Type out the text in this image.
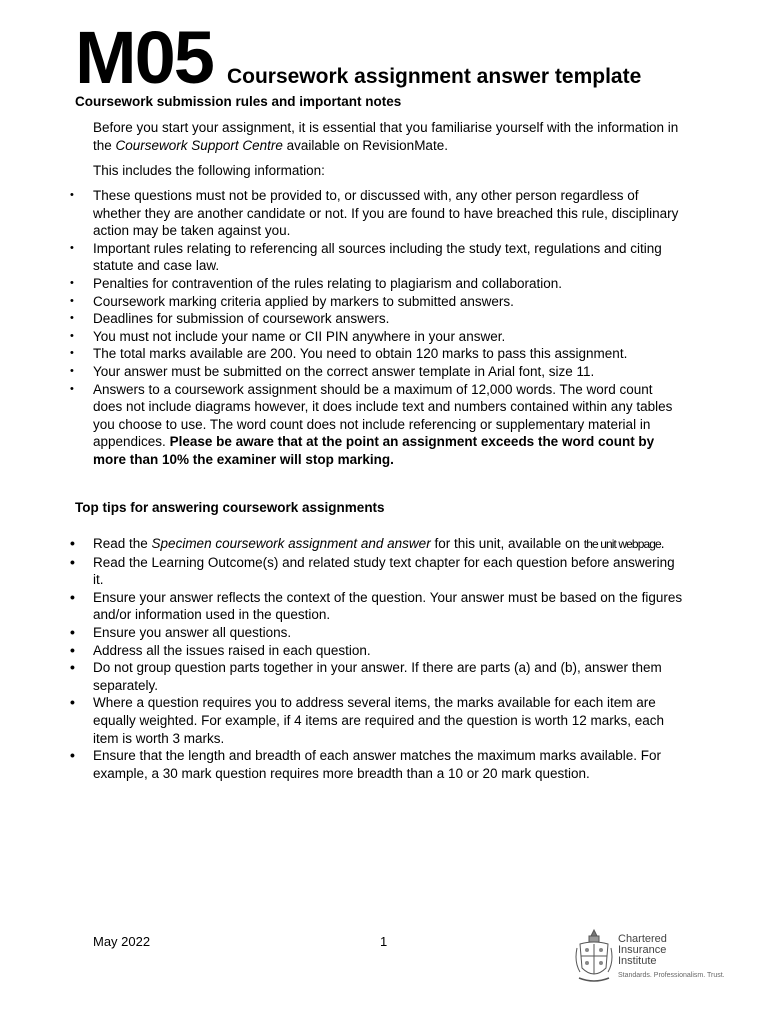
M05 Coursework assignment answer template
Coursework submission rules and important notes

Before you start your assignment, it is essential that you familiarise yourself with the information in the Coursework Support Centre available on RevisionMate.

This includes the following information:

• These questions must not be provided to, or discussed with, any other person regardless of whether they are another candidate or not. If you are found to have breached this rule, disciplinary action may be taken against you.
• Important rules relating to referencing all sources including the study text, regulations and citing statute and case law.
• Penalties for contravention of the rules relating to plagiarism and collaboration.
• Coursework marking criteria applied by markers to submitted answers.
• Deadlines for submission of coursework answers.
• You must not include your name or CII PIN anywhere in your answer.
• The total marks available are 200. You need to obtain 120 marks to pass this assignment.
• Your answer must be submitted on the correct answer template in Arial font, size 11.
• Answers to a coursework assignment should be a maximum of 12,000 words. The word count does not include diagrams however, it does include text and numbers contained within any tables you choose to use. The word count does not include referencing or supplementary material in appendices. Please be aware that at the point an assignment exceeds the word count by more than 10% the examiner will stop marking.
Top tips for answering coursework assignments
• Read the Specimen coursework assignment and answer for this unit, available on the unit webpage.
• Read the Learning Outcome(s) and related study text chapter for each question before answering it.
• Ensure your answer reflects the context of the question. Your answer must be based on the figures and/or information used in the question.
• Ensure you answer all questions.
• Address all the issues raised in each question.
• Do not group question parts together in your answer. If there are parts (a) and (b), answer them separately.
• Where a question requires you to address several items, the marks available for each item are equally weighted. For example, if 4 items are required and the question is worth 12 marks, each item is worth 3 marks.
• Ensure that the length and breadth of each answer matches the maximum marks available. For example, a 30 mark question requires more breadth than a 10 or 20 mark question.
May 2022	1	Chartered
Insurance
Institute
Standards. Professionalism. Trust.
